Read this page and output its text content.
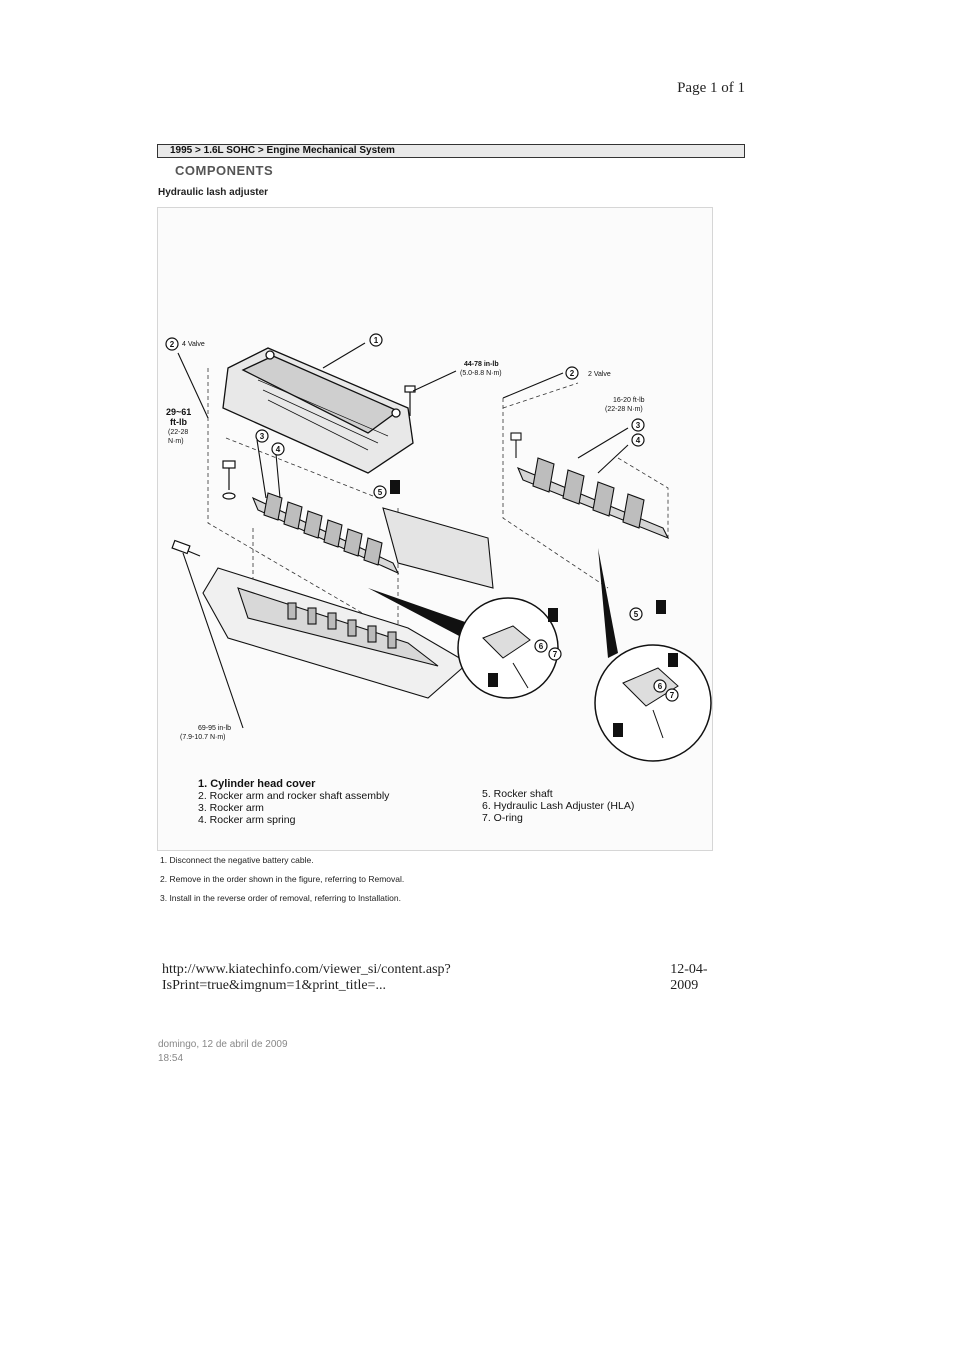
Page 1 of 1
1995 > 1.6L SOHC > Engine Mechanical System
COMPONENTS
Hydraulic lash adjuster
2	1
2
3
4
5
3
4
5
6
7
6
7
4 Valve
2 Valve
44-78 in-lb
(5.0-8.8 N·m)
16-20 ft-lb
(22-28 N·m)
69-95 in-lb
(7.9-10.7 N·m)
29~61
ft-lb
(22-28
N·m)
1. Cylinder head cover
2. Rocker arm and rocker shaft assembly
3. Rocker arm
4. Rocker arm spring
5. Rocker shaft
6. Hydraulic Lash Adjuster (HLA)
7. O-ring
1. Disconnect the negative battery cable.
2. Remove in the order shown in the figure, referring to Removal.
3. Install in the reverse order of removal, referring to Installation.
http://www.kiatechinfo.com/viewer_si/content.asp?IsPrint=true&imgnum=1&print_title=...
12-04-2009
domingo, 12 de abril de 2009
18:54
